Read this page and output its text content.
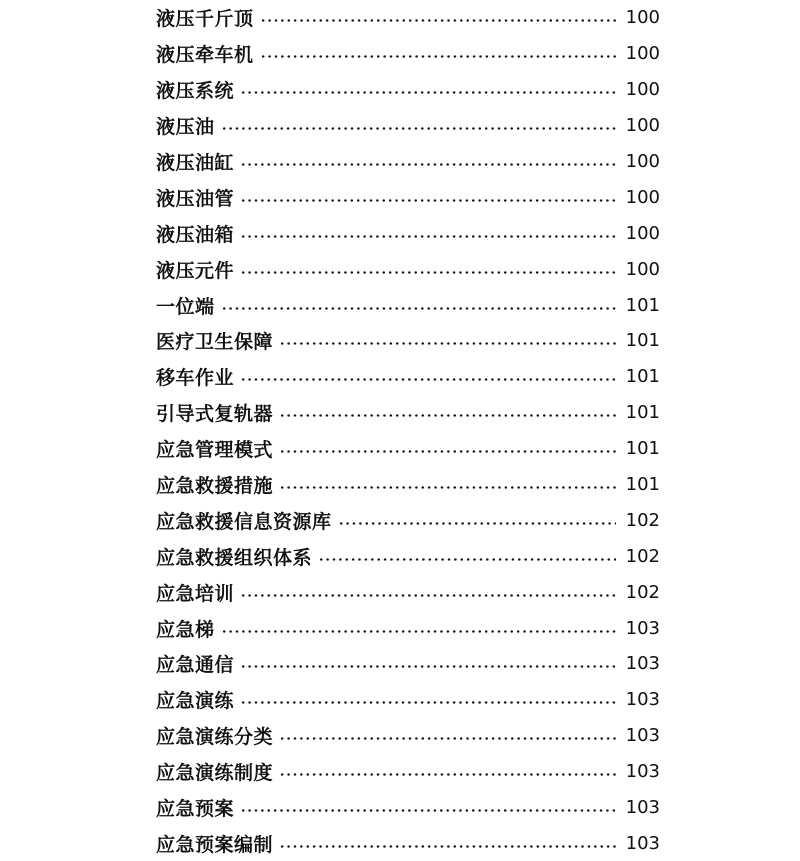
液压千斤顶	100
液压牵车机	100
液压系统	100
液压油	100
液压油缸	100
液压油管	100
液压油箱	100
液压元件	100
一位端	101
医疗卫生保障	101
移车作业	101
引导式复轨器	101
应急管理模式	101
应急救援措施	101
应急救援信息资源库	102
应急救援组织体系	102
应急培训	102
应急梯	103
应急通信	103
应急演练	103
应急演练分类	103
应急演练制度	103
应急预案	103
应急预案编制	103
